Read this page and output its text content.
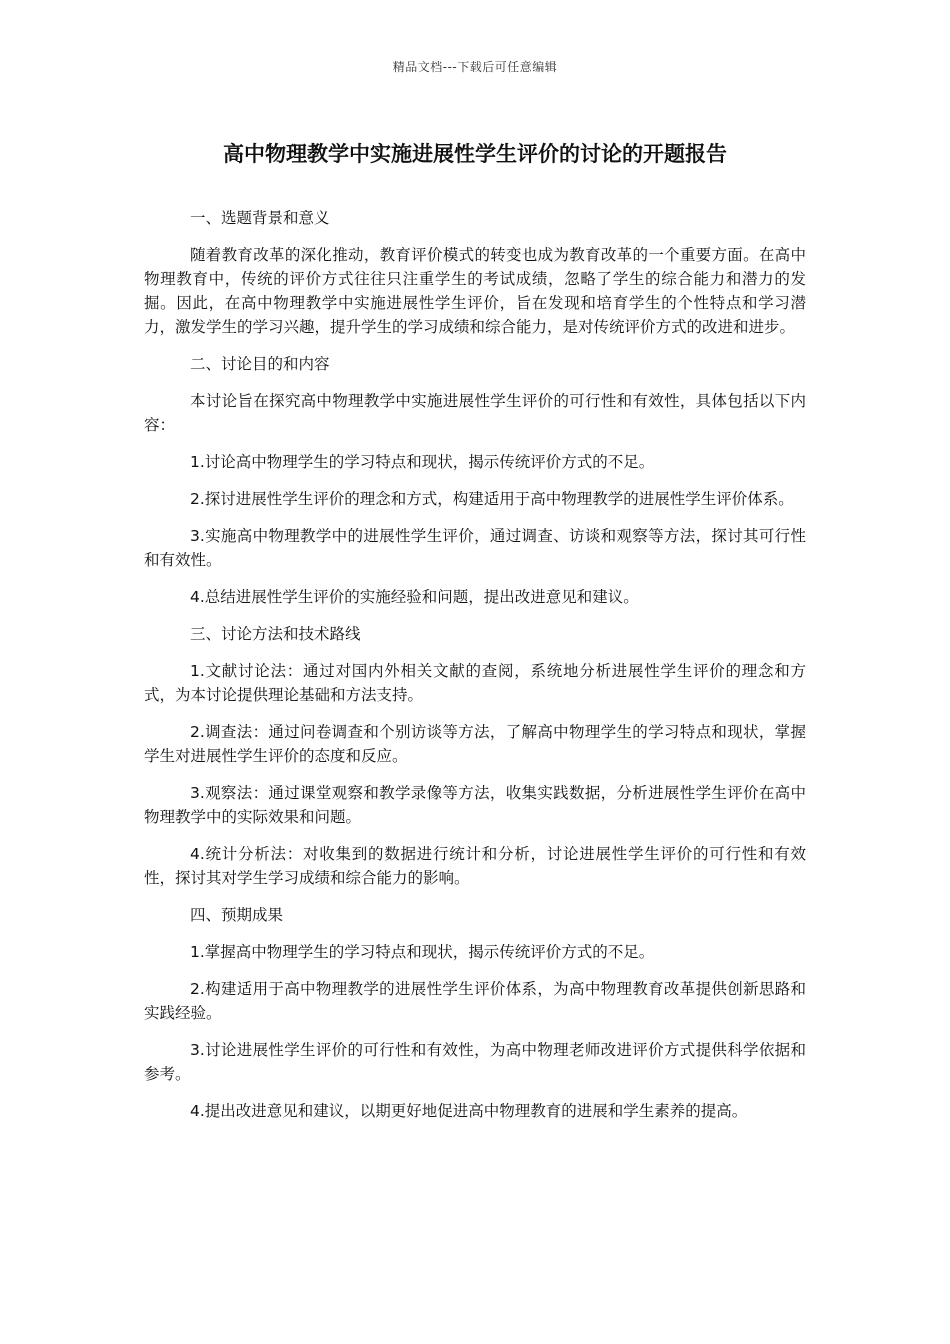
精品文档---下载后可任意编辑
高中物理教学中实施进展性学生评价的讨论的开题报告

一、选题背景和意义

随着教育改革的深化推动，教育评价模式的转变也成为教育改革的一个重要方面。在高中物理教育中，传统的评价方式往往只注重学生的考试成绩，忽略了学生的综合能力和潜力的发掘。因此，在高中物理教学中实施进展性学生评价，旨在发现和培育学生的个性特点和学习潜力，激发学生的学习兴趣，提升学生的学习成绩和综合能力，是对传统评价方式的改进和进步。

二、讨论目的和内容

本讨论旨在探究高中物理教学中实施进展性学生评价的可行性和有效性，具体包括以下内容：

1.讨论高中物理学生的学习特点和现状，揭示传统评价方式的不足。

2.探讨进展性学生评价的理念和方式，构建适用于高中物理教学的进展性学生评价体系。

3.实施高中物理教学中的进展性学生评价，通过调查、访谈和观察等方法，探讨其可行性和有效性。

4.总结进展性学生评价的实施经验和问题，提出改进意见和建议。

三、讨论方法和技术路线

1.文献讨论法：通过对国内外相关文献的查阅，系统地分析进展性学生评价的理念和方式，为本讨论提供理论基础和方法支持。

2.调查法：通过问卷调查和个别访谈等方法，了解高中物理学生的学习特点和现状，掌握学生对进展性学生评价的态度和反应。

3.观察法：通过课堂观察和教学录像等方法，收集实践数据，分析进展性学生评价在高中物理教学中的实际效果和问题。

4.统计分析法：对收集到的数据进行统计和分析，讨论进展性学生评价的可行性和有效性，探讨其对学生学习成绩和综合能力的影响。

四、预期成果

1.掌握高中物理学生的学习特点和现状，揭示传统评价方式的不足。

2.构建适用于高中物理教学的进展性学生评价体系，为高中物理教育改革提供创新思路和实践经验。

3.讨论进展性学生评价的可行性和有效性，为高中物理老师改进评价方式提供科学依据和参考。

4.提出改进意见和建议，以期更好地促进高中物理教育的进展和学生素养的提高。
